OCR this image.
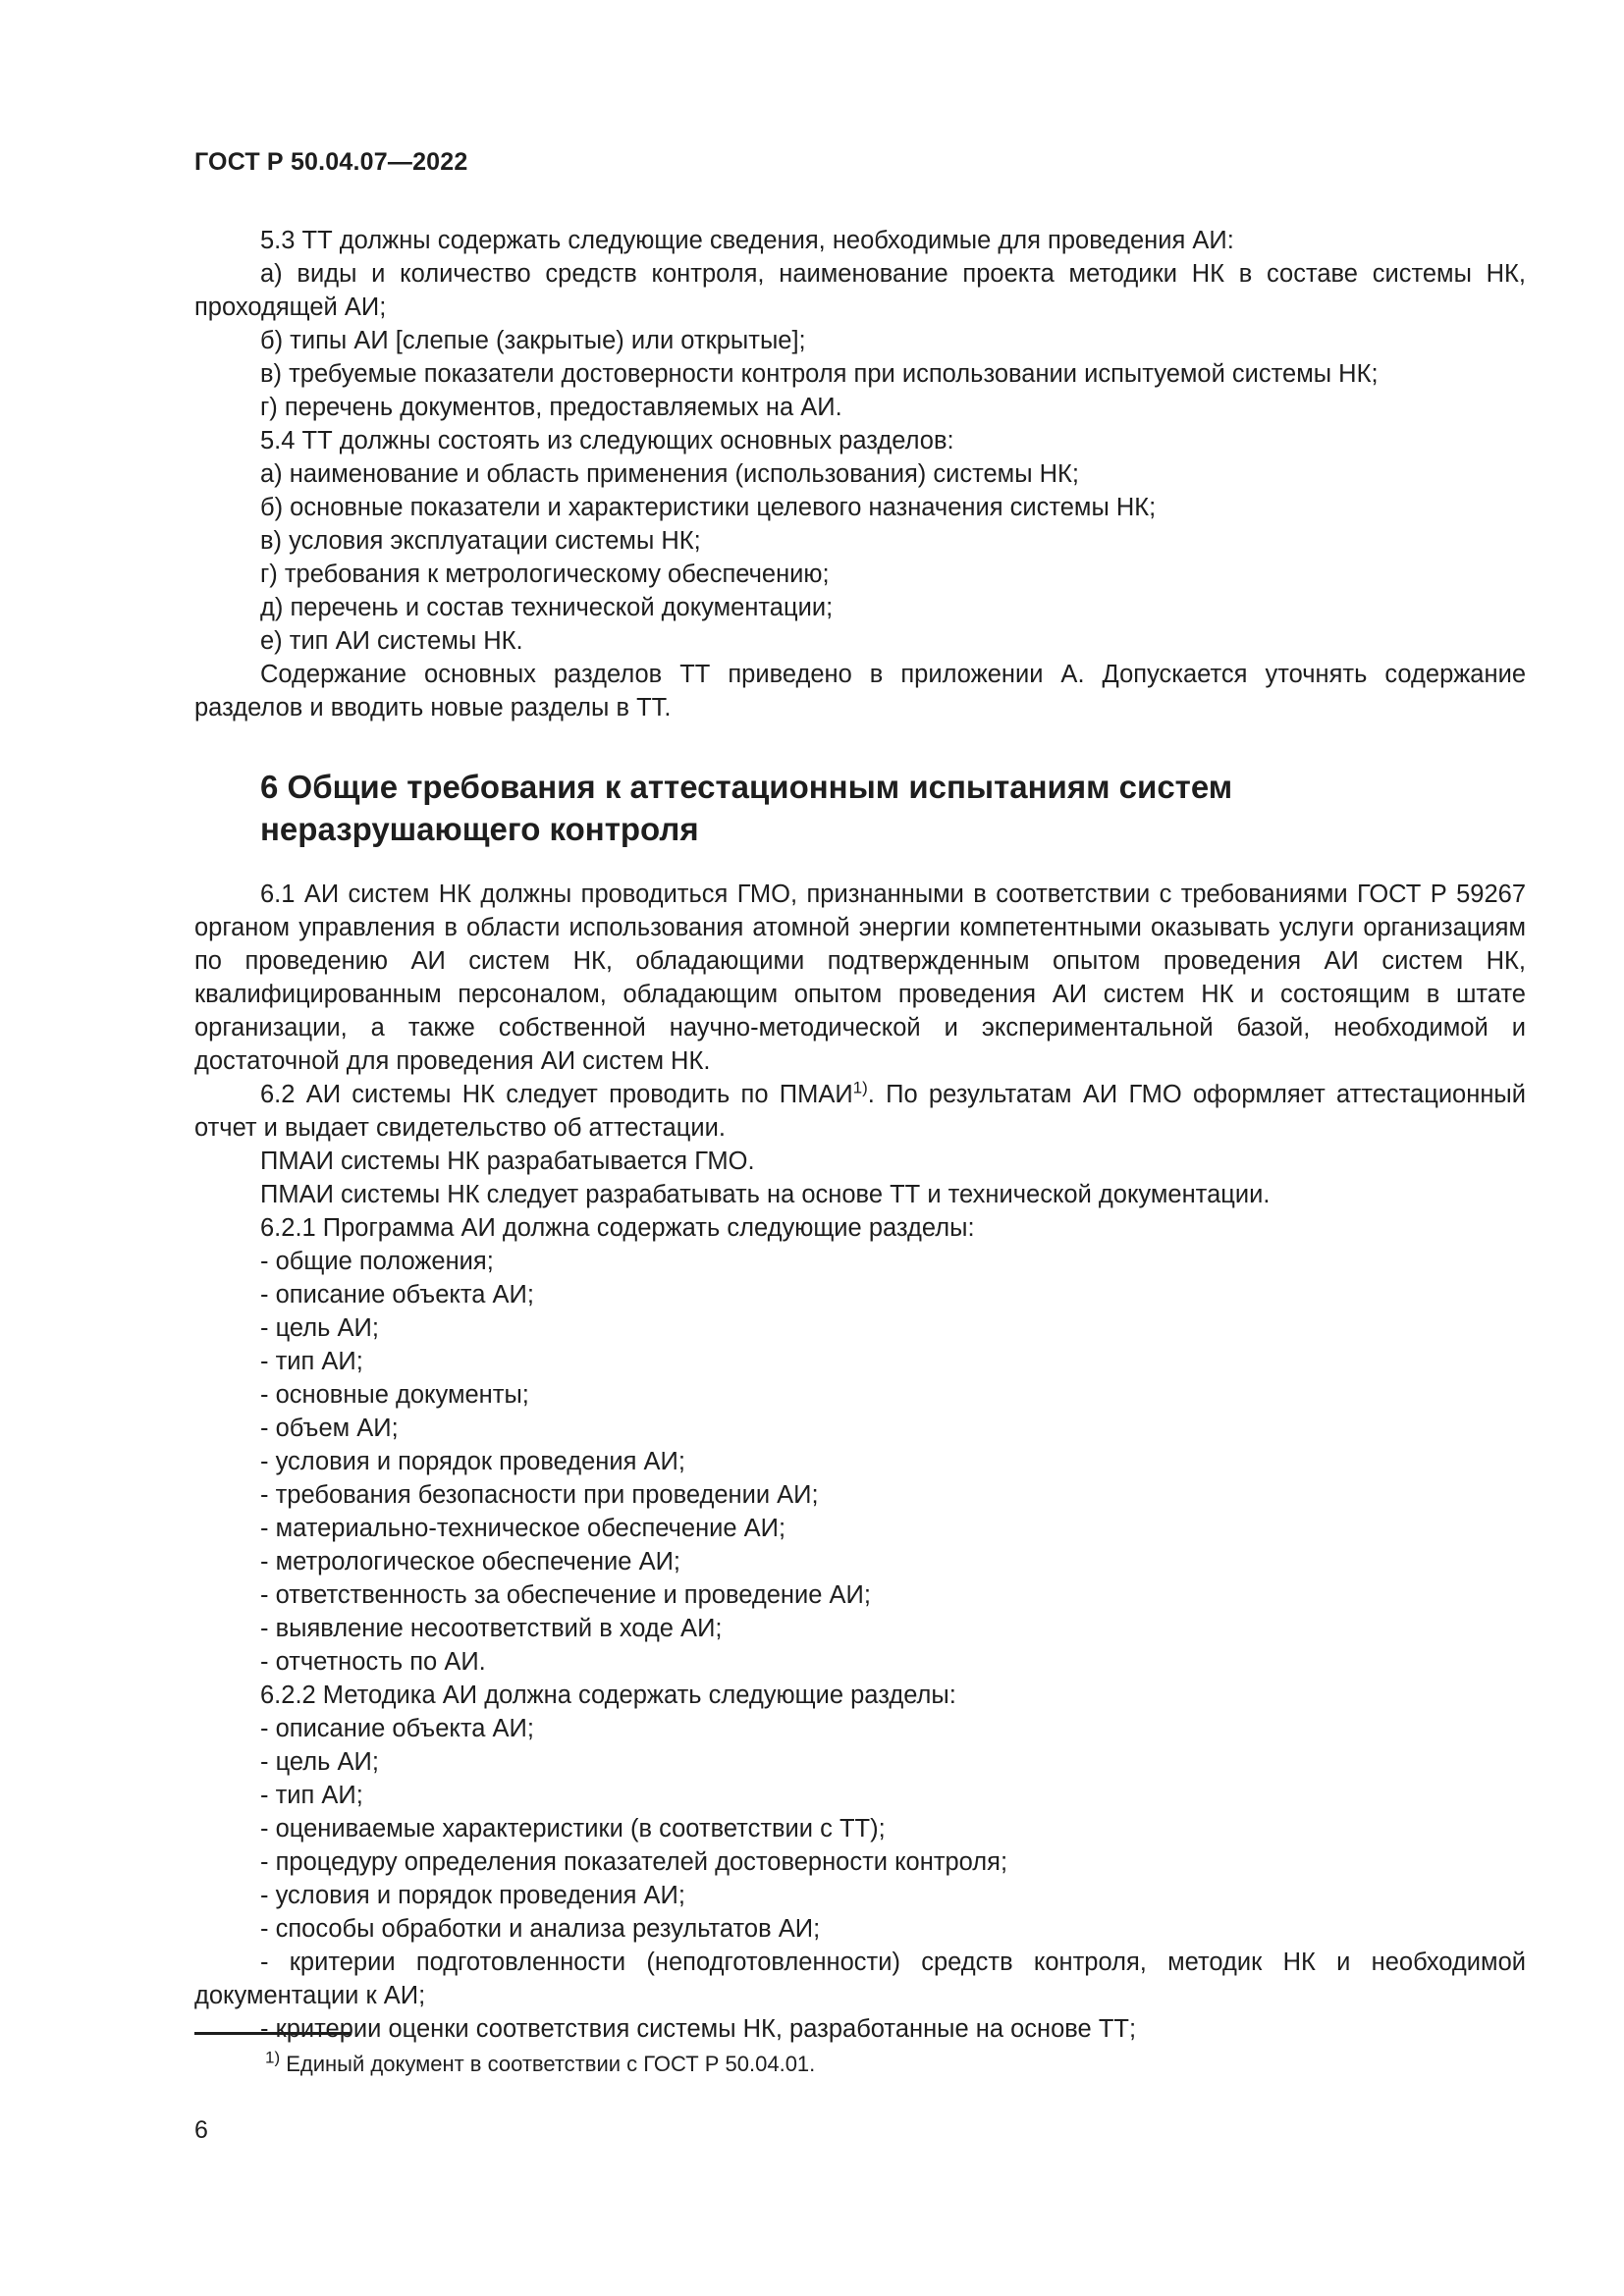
ГОСТ Р 50.04.07—2022

5.3 ТТ должны содержать следующие сведения, необходимые для проведения АИ:

а) виды и количество средств контроля, наименование проекта методики НК в составе системы НК, проходящей АИ;

б) типы АИ [слепые (закрытые) или открытые];

в) требуемые показатели достоверности контроля при использовании испытуемой системы НК;

г) перечень документов, предоставляемых на АИ.

5.4 ТТ должны состоять из следующих основных разделов:

а) наименование и область применения (использования) системы НК;

б) основные показатели и характеристики целевого назначения системы НК;

в) условия эксплуатации системы НК;

г) требования к метрологическому обеспечению;

д) перечень и состав технической документации;

е) тип АИ системы НК.

Содержание основных разделов ТТ приведено в приложении А. Допускается уточнять содержание разделов и вводить новые разделы в ТТ.

6 Общие требования к аттестационным испытаниям систем
неразрушающего контроля

6.1 АИ систем НК должны проводиться ГМО, признанными в соответствии с требованиями ГОСТ Р 59267 органом управления в области использования атомной энергии компетентными оказывать услуги организациям по проведению АИ систем НК, обладающими подтвержденным опытом проведения АИ систем НК, квалифицированным персоналом, обладающим опытом проведения АИ систем НК и состоящим в штате организации, а также собственной научно-методической и экспериментальной базой, необходимой и достаточной для проведения АИ систем НК.

6.2 АИ системы НК следует проводить по ПМАИ$^{1)}$. По результатам АИ ГМО оформляет аттестационный отчет и выдает свидетельство об аттестации.

ПМАИ системы НК разрабатывается ГМО.

ПМАИ системы НК следует разрабатывать на основе ТТ и технической документации.

6.2.1 Программа АИ должна содержать следующие разделы:

- общие положения;

- описание объекта АИ;

- цель АИ;

- тип АИ;

- основные документы;

- объем АИ;

- условия и порядок проведения АИ;

- требования безопасности при проведении АИ;

- материально-техническое обеспечение АИ;

- метрологическое обеспечение АИ;

- ответственность за обеспечение и проведение АИ;

- выявление несоответствий в ходе АИ;

- отчетность по АИ.

6.2.2 Методика АИ должна содержать следующие разделы:

- описание объекта АИ;

- цель АИ;

- тип АИ;

- оцениваемые характеристики (в соответствии с ТТ);

- процедуру определения показателей достоверности контроля;

- условия и порядок проведения АИ;

- способы обработки и анализа результатов АИ;

- критерии подготовленности (неподготовленности) средств контроля, методик НК и необходимой документации к АИ;

- критерии оценки соответствия системы НК, разработанные на основе ТТ;

$^{1)}$ Единый документ в соответствии с ГОСТ Р 50.04.01.
6
